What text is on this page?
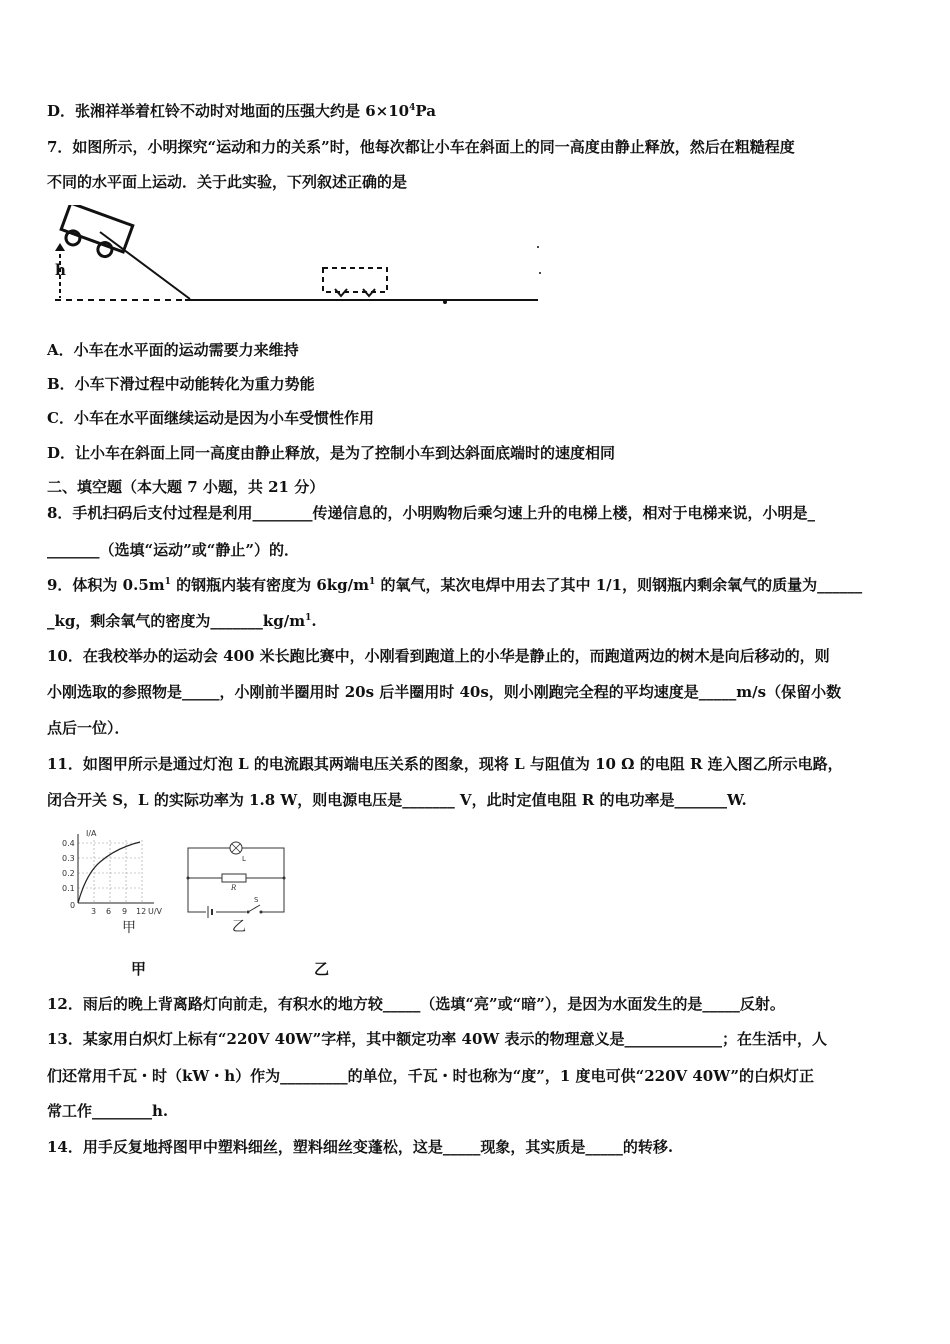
D．张湘祥举着杠铃不动时对地面的压强大约是 $6\times 10^4Pa$
7．如图所示，小明探究“运动和力的关系”时，他每次都让小车在斜面上的同一高度由静止释放，然后在粗糙程度
不同的水平面上运动．关于此实验，下列叙述正确的是
h
A．小车在水平面的运动需要力来维持
B．小车下滑过程中动能转化为重力势能
C．小车在水平面继续运动是因为小车受惯性作用
D．让小车在斜面上同一高度由静止释放，是为了控制小车到达斜面底端时的速度相同
二、填空题（本大题 7 小题，共 21 分）
8．手机扫码后支付过程是利用________传递信息的，小明购物后乘匀速上升的电梯上楼，相对于电梯来说，小明是_
_______（选填“运动”或“静止”）的．
9．体积为 $0.5m^1$ 的钢瓶内装有密度为 $6kg/m^1$ 的氧气，某次电焊中用去了其中 1/1，则钢瓶内剩余氧气的质量为______
_kg，剩余氧气的密度为$\_\_\_\_\_\_\_kg/m^1$.
10．在我校举办的运动会 400 米长跑比赛中，小刚看到跑道上的小华是静止的，而跑道两边的树木是向后移动的，则
小刚选取的参照物是_____，小刚前半圈用时 20s 后半圈用时 40s，则小刚跑完全程的平均速度是_____m/s（保留小数
点后一位）．
11．如图甲所示是通过灯泡 L 的电流跟其两端电压关系的图象，现将 L 与阻值为 10 Ω 的电阻 R 连入图乙所示电路，
闭合开关 S，L 的实际功率为 1.8 W，则电源电压是_______ V，此时定值电阻 R 的电功率是_______W.
I/A
0.4
0.3
0.2
0.1
0
3 6 9 12 U/V
甲
L
R
S
乙
甲	乙
12．雨后的晚上背离路灯向前走，有积水的地方较_____（选填“亮”或“暗”），是因为水面发生的是_____反射。
13．某家用白炽灯上标有“220V 40W”字样，其中额定功率 40W 表示的物理意义是_____________；在生活中，人
们还常用千瓦・时（kW・h）作为_________的单位，千瓦・时也称为“度”，1 度电可供“220V 40W”的白炽灯正
常工作________h.
14．用手反复地捋图甲中塑料细丝，塑料细丝变蓬松，这是_____现象，其实质是_____的转移.
